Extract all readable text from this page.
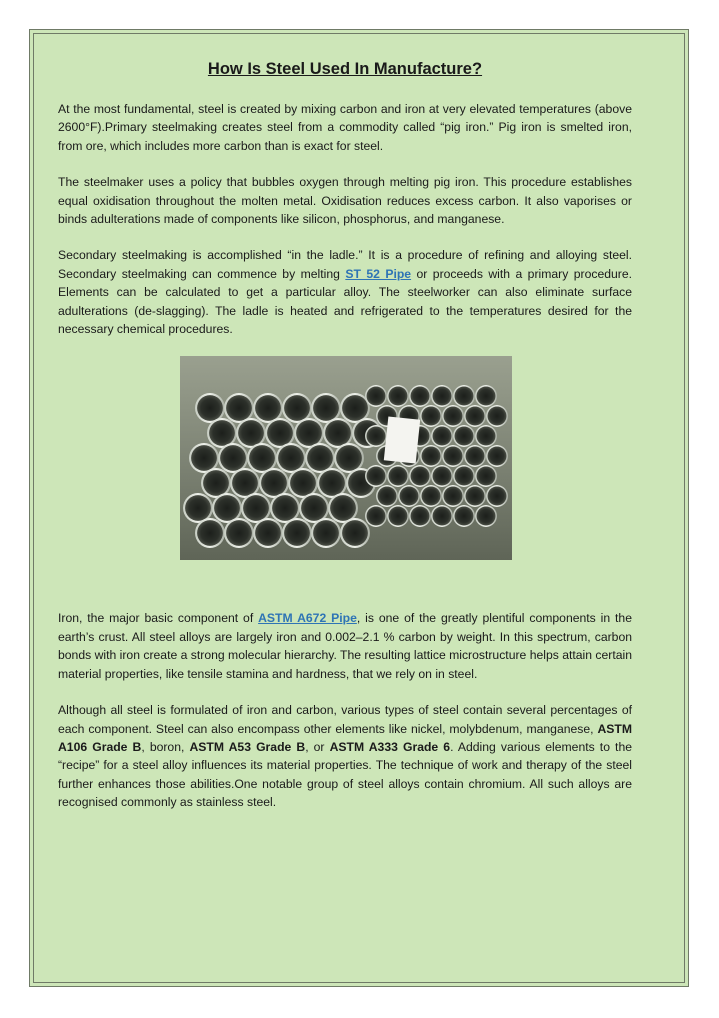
How Is Steel Used In Manufacture?

At the most fundamental, steel is created by mixing carbon and iron at very elevated temperatures (above 2600°F).Primary steelmaking creates steel from a commodity called “pig iron.” Pig iron is smelted iron, from ore, which includes more carbon than is exact for steel.

The steelmaker uses a policy that bubbles oxygen through melting pig iron. This procedure establishes equal oxidisation throughout the molten metal. Oxidisation reduces excess carbon. It also vaporises or binds adulterations made of components like silicon, phosphorus, and manganese.

Secondary steelmaking is accomplished “in the ladle.” It is a procedure of refining and alloying steel. Secondary steelmaking can commence by melting ST 52 Pipe or proceeds with a primary procedure. Elements can be calculated to get a particular alloy. The steelworker can also eliminate surface adulterations (de-slagging). The ladle is heated and refrigerated to the temperatures desired for the necessary chemical procedures.

Iron, the major basic component of ASTM A672 Pipe, is one of the greatly plentiful components in the earth’s crust. All steel alloys are largely iron and 0.002–2.1 % carbon by weight. In this spectrum, carbon bonds with iron create a strong molecular hierarchy. The resulting lattice microstructure helps attain certain material properties, like tensile stamina and hardness, that we rely on in steel.

Although all steel is formulated of iron and carbon, various types of steel contain several percentages of each component. Steel can also encompass other elements like nickel, molybdenum, manganese, ASTM A106 Grade B, boron, ASTM A53 Grade B, or ASTM A333 Grade 6. Adding various elements to the “recipe” for a steel alloy influences its material properties. The technique of work and therapy of the steel further enhances those abilities.One notable group of steel alloys contain chromium. All such alloys are recognised commonly as stainless steel.
